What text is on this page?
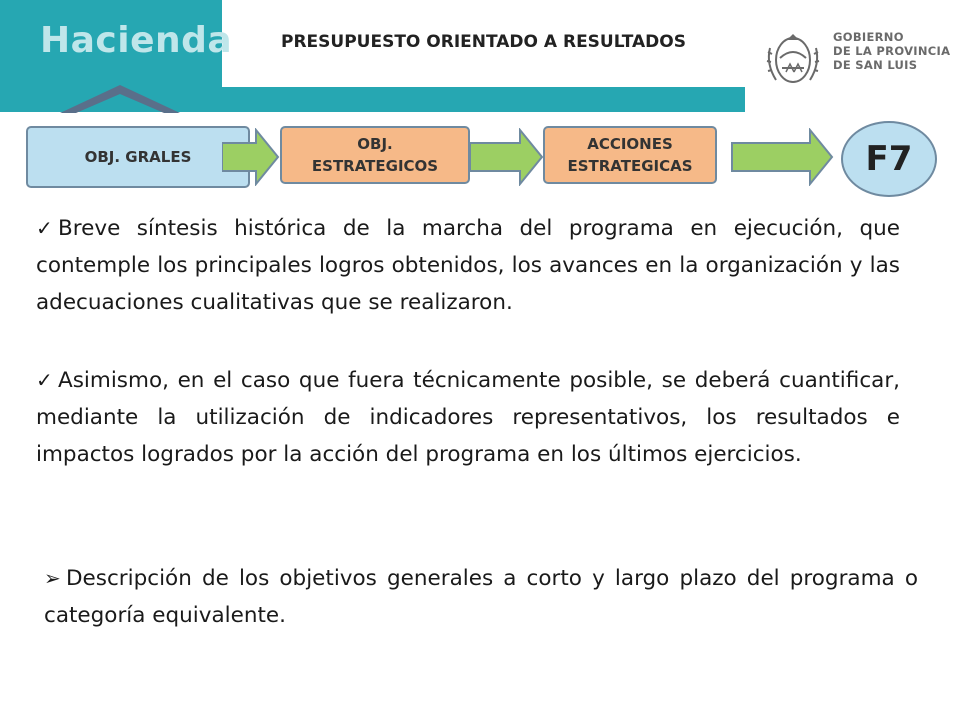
Hacienda	PRESUPUESTO ORIENTADO A RESULTADOS	GOBIERNO
DE LA PROVINCIA
DE SAN LUIS
OBJ. GRALES
OBJ. ESTRATEGICOS
ACCIONES ESTRATEGICAS	F7
✓ Breve síntesis histórica de la marcha del programa en ejecución, que contemple los principales logros obtenidos, los avances en la organización y las adecuaciones cualitativas que se realizaron.
✓ Asimismo, en el caso que fuera técnicamente posible, se deberá cuantificar, mediante la utilización de indicadores representativos, los resultados e impactos logrados por la acción del programa en los últimos ejercicios.
➢ Descripción de los objetivos generales a corto y largo plazo del programa o categoría equivalente.
